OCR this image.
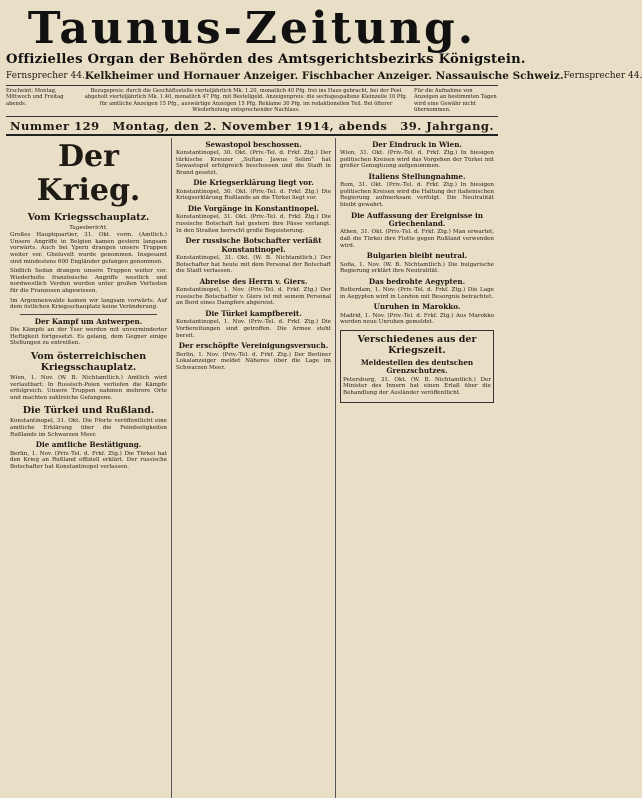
Taunus-Zeitung.
Offizielles Organ der Behörden des Amtsgerichtsbezirks Königstein.
Fernsprecher 44. Kelkheimer und Hornauer Anzeiger. Fischbacher Anzeiger. Nassauische Schweiz. Fernsprecher 44.
Erscheint: Montag, Mittwoch und Freitag abends.
Bezugspreis: durch die Geschäftsstelle vierteljährlich Mk. 1.20, monatlich 40 Pfg. frei ins Haus gebracht, bei der Post abgeholt vierteljährlich Mk. 1.40, monatlich 47 Pfg. mit Bestellgeld. Anzeigenpreis: die sechsgespaltene Kleinzeile 10 Pfg. für amtliche Anzeigen 15 Pfg., auswärtige Anzeigen 15 Pfg. Reklame 30 Pfg. im redaktionellen Teil. Bei öfterer Wiederholung entsprechender Nachlass.
Für die Aufnahme von Anzeigen an bestimmten Tagen wird eine Gewähr nicht übernommen.
Nummer 129 Montag, den 2. November 1914, abends 39. Jahrgang.
Der Krieg.
Vom Kriegsschauplatz.
Tagesbericht.

Großes Hauptquartier, 31. Okt. vorm. (Amtlich.) Unsere Angriffe in Belgien kamen gestern langsam vorwärts. Auch bei Ypern drangen unsere Truppen weiter vor. Gheluvelt wurde genommen. Insgesamt sind mindestens 600 Engländer gefangen genommen.

Südlich Sedan drangen unsere Truppen weiter vor. Wiederholte französische Angriffe westlich und nordwestlich Verdun wurden unter großen Verlusten für die Franzosen abgewiesen.

Im Argonnenwalde kamen wir langsam vorwärts. Auf dem östlichen Kriegsschauplatz keine Veränderung.

Der Kampf um Antwerpen.

Die Kämpfe an der Yser werden mit unverminderter Heftigkeit fortgesetzt. Es gelang, dem Gegner einige Stellungen zu entreißen.

Vom österreichischen Kriegsschauplatz.

Wien, 1. Nov. (W. B. Nichtamtlich.) Amtlich wird verlautbart: In Russisch-Polen verliefen die Kämpfe erfolgreich. Unsere Truppen nahmen mehrere Orte und machten zahlreiche Gefangene.

Die Türkei und Rußland.

Konstantinopel, 31. Okt. Die Pforte veröffentlicht eine amtliche Erklärung über die Feindseligkeiten Rußlands im Schwarzen Meer.

Die amtliche Bestätigung.

Berlin, 1. Nov. (Priv.-Tel. d. Frkf. Ztg.) Die Türkei hat den Krieg an Rußland offiziell erklärt. Der russische Botschafter hat Konstantinopel verlassen.

Sewastopol beschossen.

Konstantinopel, 30. Okt. (Priv.-Tel. d. Frkf. Ztg.) Der türkische Kreuzer „Sultan Jawus Selim“ hat Sewastopol erfolgreich beschossen und die Stadt in Brand gesetzt.

Die Kriegserklärung liegt vor.

Konstantinopel, 30. Okt. (Priv.-Tel. d. Frkf. Ztg.) Die Kriegserklärung Rußlands an die Türkei liegt vor.

Die Vorgänge in Konstantinopel.

Konstantinopel, 31. Okt. (Priv.-Tel. d. Frkf. Ztg.) Die russische Botschaft hat gestern ihre Pässe verlangt. In den Straßen herrscht große Begeisterung.

Der russische Botschafter verläßt Konstantinopel.

Konstantinopel, 31. Okt. (W. B. Nichtamtlich.) Der Botschafter hat heute mit dem Personal der Botschaft die Stadt verlassen.

Abreise des Herrn v. Giers.

Konstantinopel, 1. Nov. (Priv.-Tel. d. Frkf. Ztg.) Der russische Botschafter v. Giers ist mit seinem Personal an Bord eines Dampfers abgereist.

Die Türkei kampfbereit.

Konstantinopel, 1. Nov. (Priv.-Tel. d. Frkf. Ztg.) Die Vorbereitungen sind getroffen. Die Armee steht bereit.

Der erschöpfte Vereinigungsversuch.

Berlin, 1. Nov. (Priv.-Tel. d. Frkf. Ztg.) Der Berliner Lokalanzeiger meldet Näheres über die Lage im Schwarzen Meer.

Der Eindruck in Wien.

Wien, 31. Okt. (Priv.-Tel. d. Frkf. Ztg.) In hiesigen politischen Kreisen wird das Vorgehen der Türkei mit großer Genugtuung aufgenommen.

Italiens Stellungnahme.

Rom, 31. Okt. (Priv.-Tel. d. Frkf. Ztg.) In hiesigen politischen Kreisen wird die Haltung der italienischen Regierung aufmerksam verfolgt. Die Neutralität bleibt gewahrt.

Die Auffassung der Ereignisse in Griechenland.

Athen, 31. Okt. (Priv.-Tel. d. Frkf. Ztg.) Man erwartet, daß die Türkei ihre Flotte gegen Rußland verwenden wird.

Bulgarien bleibt neutral.

Sofia, 1. Nov. (W. B. Nichtamtlich.) Die bulgarische Regierung erklärt ihre Neutralität.

Das bedrohte Aegypten.

Rotterdam, 1. Nov. (Priv.-Tel. d. Frkf. Ztg.) Die Lage in Aegypten wird in London mit Besorgnis betrachtet.

Unruhen in Marokko.

Madrid, 1. Nov. (Priv.-Tel. d. Frkf. Ztg.) Aus Marokko werden neue Unruhen gemeldet.

Verschiedenes aus der Kriegszeit.
Meldestellen des deutschen Grenzschutzes.

Petersburg, 31. Okt. (W. B. Nichtamtlich.) Der Minister des Innern hat einen Erlaß über die Behandlung der Ausländer veröffentlicht.
